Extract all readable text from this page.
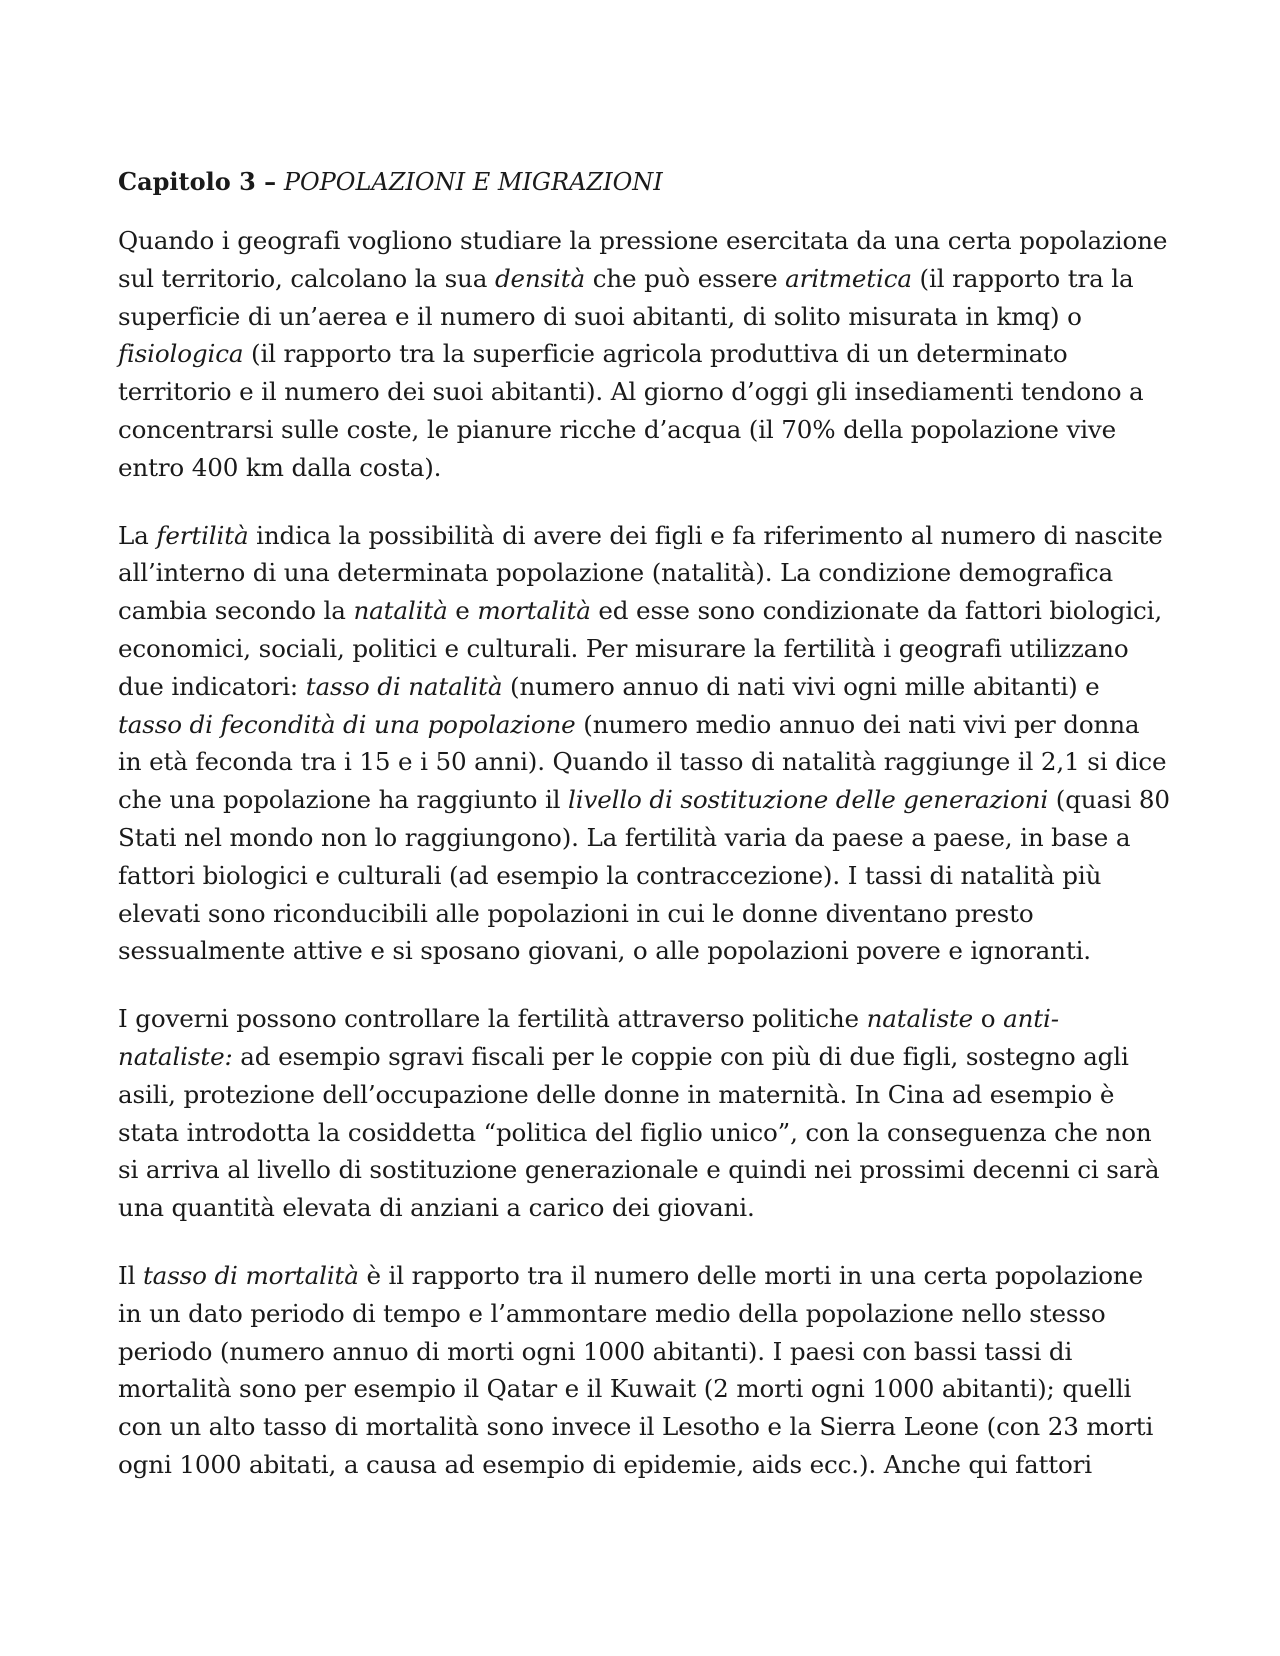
Capitolo 3 – POPOLAZIONI E MIGRAZIONI

Quando i geografi vogliono studiare la pressione esercitata da una certa popolazione sul territorio, calcolano la sua densità che può essere aritmetica (il rapporto tra la superficie di un’aerea e il numero di suoi abitanti, di solito misurata in kmq) o fisiologica (il rapporto tra la superficie agricola produttiva di un determinato territorio e il numero dei suoi abitanti). Al giorno d’oggi gli insediamenti tendono a concentrarsi sulle coste, le pianure ricche d’acqua (il 70% della popolazione vive entro 400 km dalla costa).

La fertilità indica la possibilità di avere dei figli e fa riferimento al numero di nascite all’interno di una determinata popolazione (natalità). La condizione demografica cambia secondo la natalità e mortalità ed esse sono condizionate da fattori biologici, economici, sociali, politici e culturali. Per misurare la fertilità i geografi utilizzano due indicatori: tasso di natalità (numero annuo di nati vivi ogni mille abitanti) e tasso di fecondità di una popolazione (numero medio annuo dei nati vivi per donna in età feconda tra i 15 e i 50 anni). Quando il tasso di natalità raggiunge il 2,1 si dice che una popolazione ha raggiunto il livello di sostituzione delle generazioni (quasi 80 Stati nel mondo non lo raggiungono). La fertilità varia da paese a paese, in base a fattori biologici e culturali (ad esempio la contraccezione). I tassi di natalità più elevati sono riconducibili alle popolazioni in cui le donne diventano presto sessualmente attive e si sposano giovani, o alle popolazioni povere e ignoranti.

I governi possono controllare la fertilità attraverso politiche nataliste o anti-nataliste: ad esempio sgravi fiscali per le coppie con più di due figli, sostegno agli asili, protezione dell’occupazione delle donne in maternità. In Cina ad esempio è stata introdotta la cosiddetta “politica del figlio unico”, con la conseguenza che non si arriva al livello di sostituzione generazionale e quindi nei prossimi decenni ci sarà una quantità elevata di anziani a carico dei giovani.

Il tasso di mortalità è il rapporto tra il numero delle morti in una certa popolazione in un dato periodo di tempo e l’ammontare medio della popolazione nello stesso periodo (numero annuo di morti ogni 1000 abitanti). I paesi con bassi tassi di mortalità sono per esempio il Qatar e il Kuwait (2 morti ogni 1000 abitanti); quelli con un alto tasso di mortalità sono invece il Lesotho e la Sierra Leone (con 23 morti ogni 1000 abitati, a causa ad esempio di epidemie, aids ecc.). Anche qui fattori
